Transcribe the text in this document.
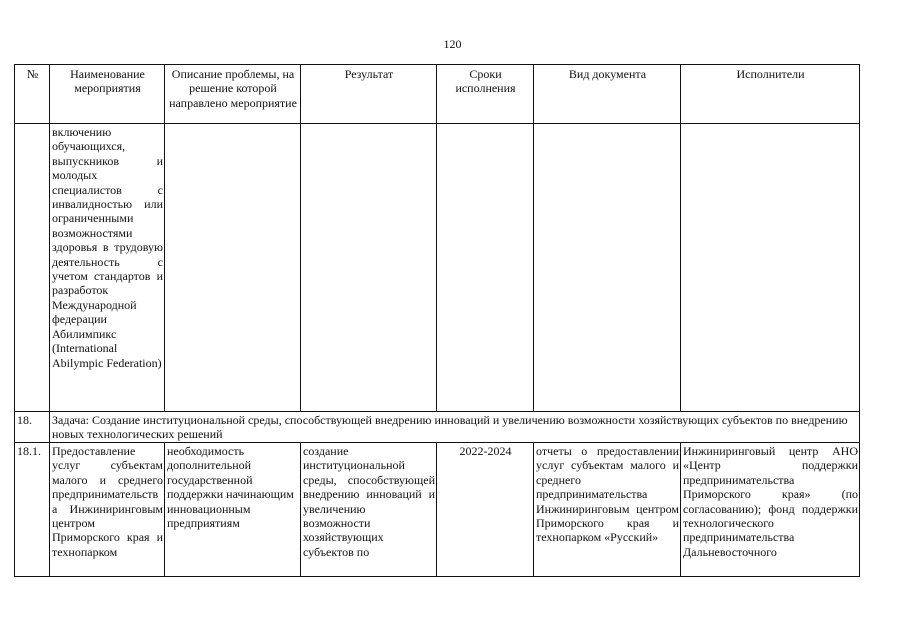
120
№	Наименование мероприятия	Описание проблемы, на решение которой направлено мероприятие	Результат	Сроки исполнения	Вид документа	Исполнители
	включению обучающихся, выпускников и молодых специалистов с инвалидностью или ограниченными возможностями здоровья в трудовую деятельность с учетом стандартов и разработок Международной федерации Абилимпикс (International Abilympic Federation)					
18.	Задача: Создание институциональной среды, способствующей внедрению инноваций и увеличению возможности хозяйствующих субъектов по внедрению новых технологических решений					
18.1.	Предоставление услуг субъектам малого и среднего предпринимательства Инжиниринговым центром Приморского края и технопарком	необходимость дополнительной государственной поддержки начинающим инновационным предприятиям	создание институциональной среды, способствующей внедрению инноваций и увеличению возможности хозяйствующих субъектов по	2022-2024	отчеты о предоставлении услуг субъектам малого и среднего предпринимательства Инжиниринговым центром Приморского края и технопарком «Русский»	Инжиниринговый центр АНО «Центр поддержки предпринимательства Приморского края» (по согласованию); фонд поддержки технологического предпринимательства Дальневосточного
